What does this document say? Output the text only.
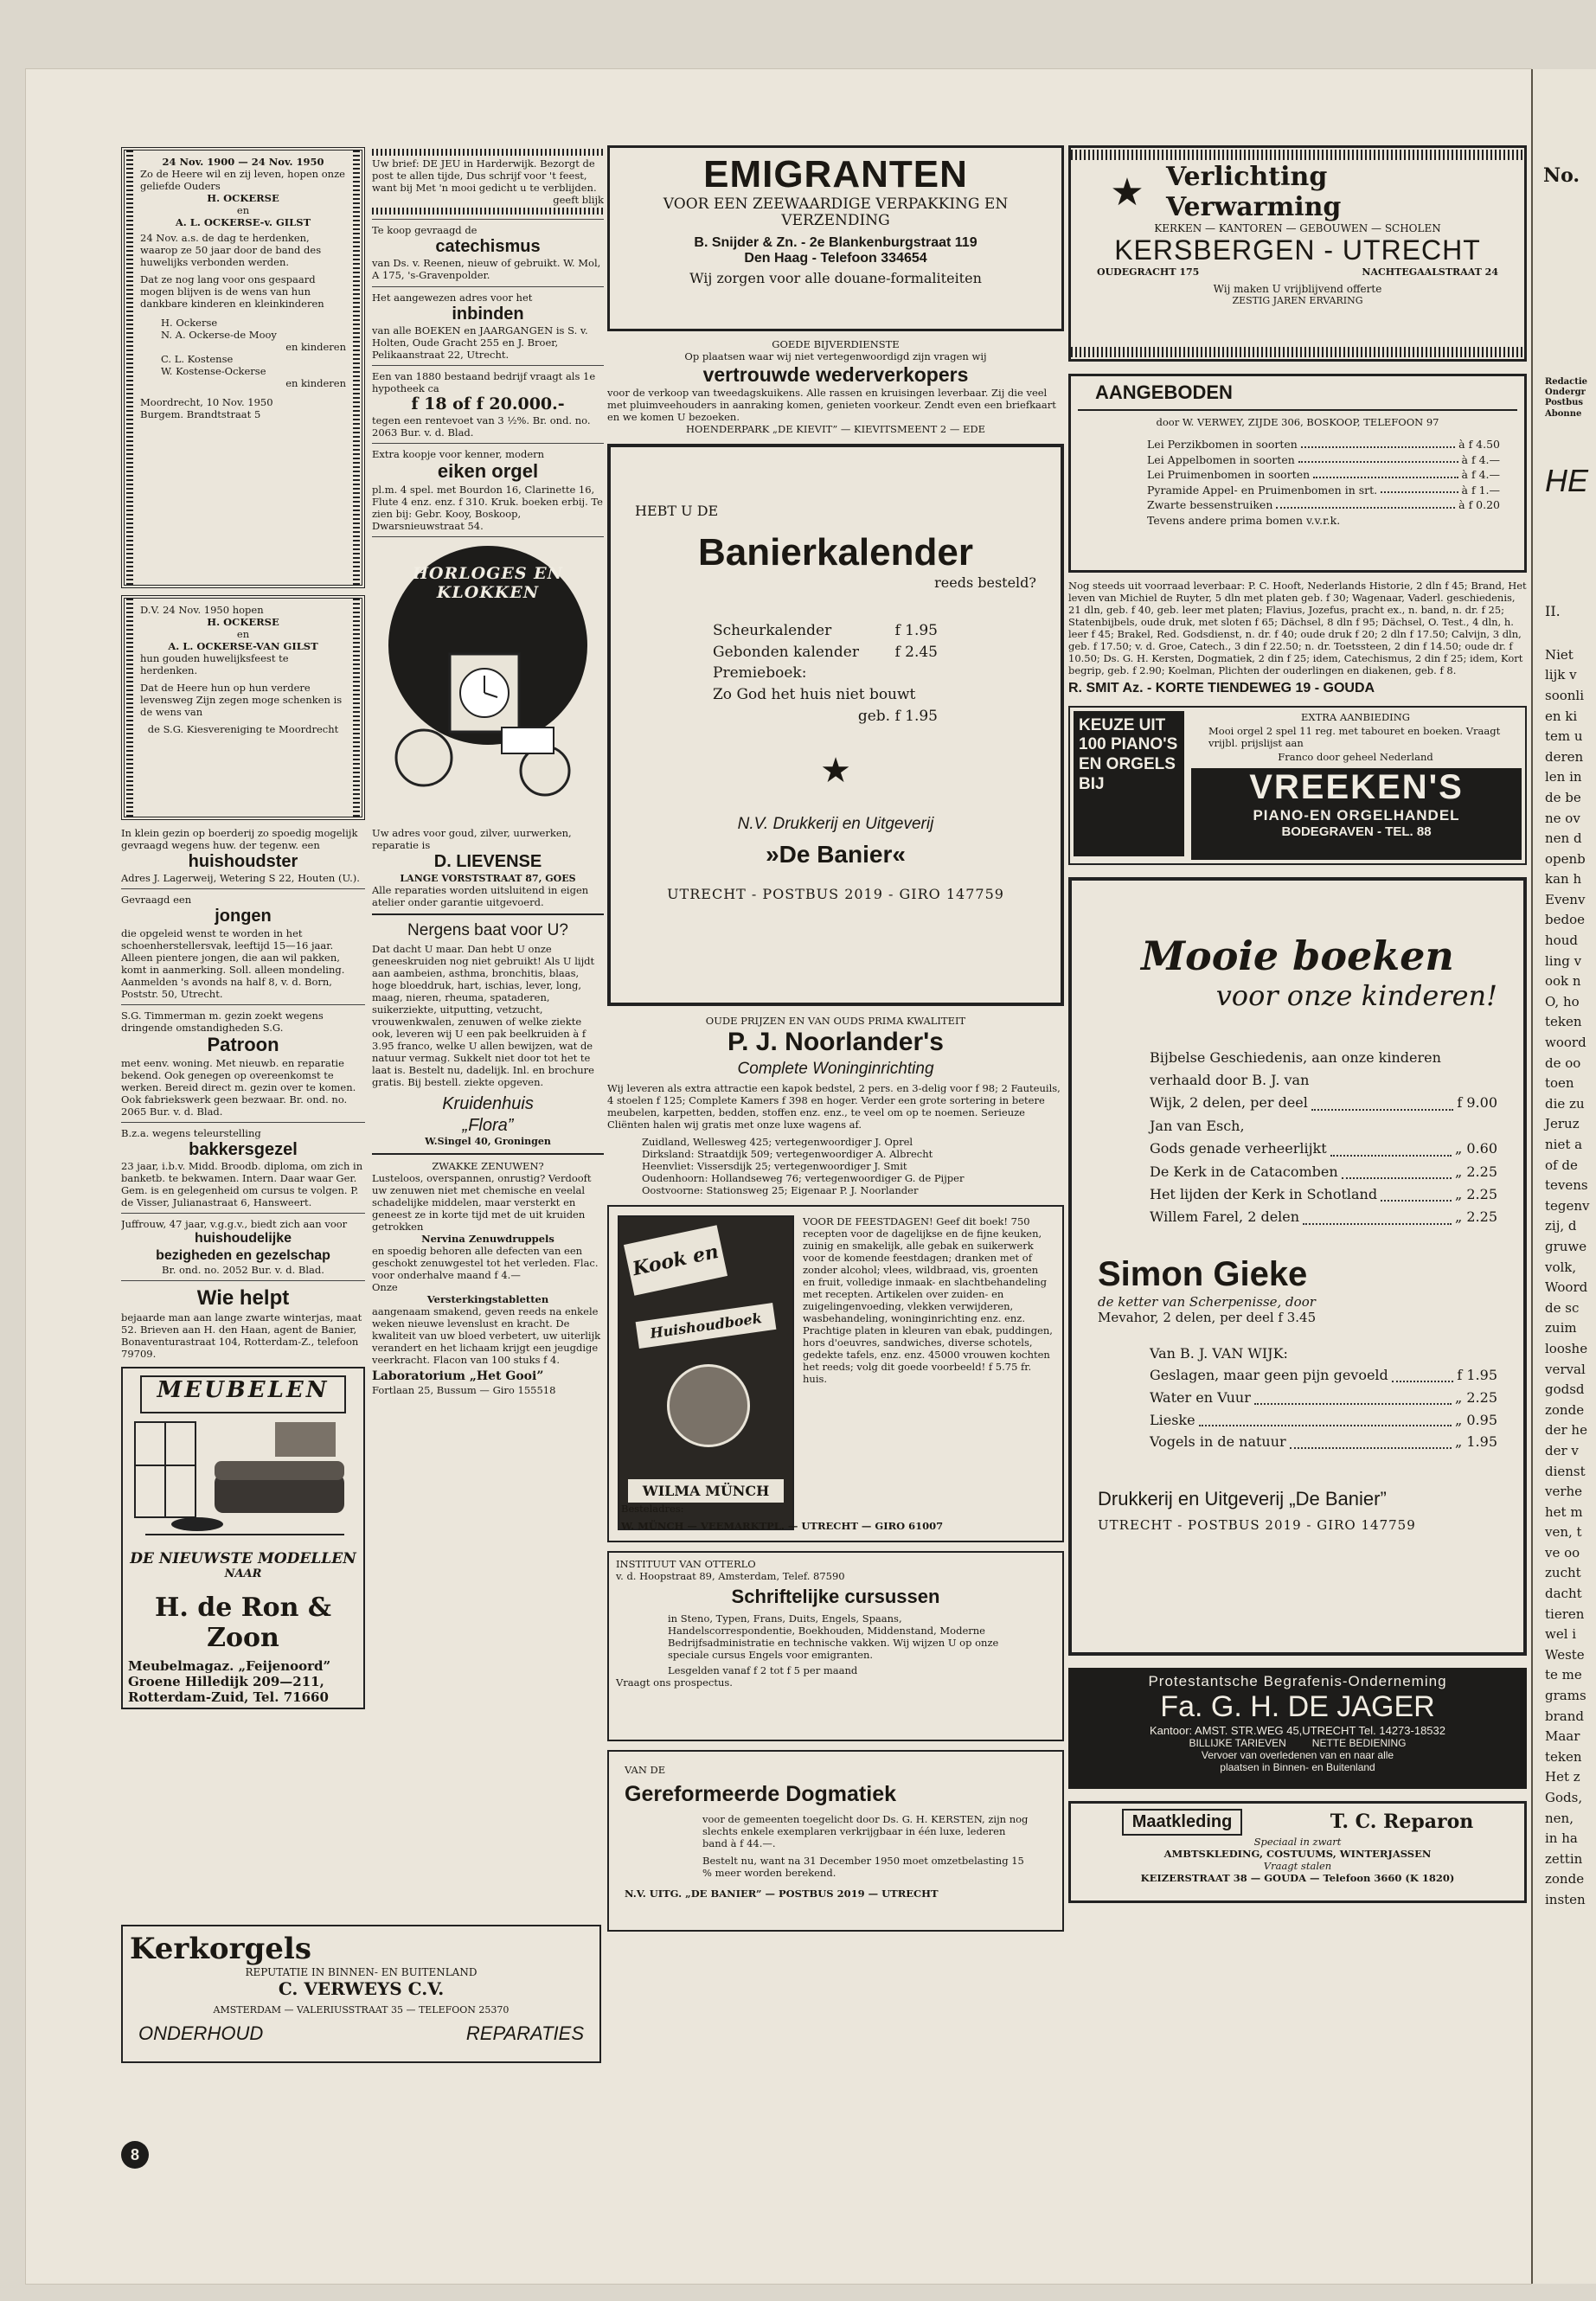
24 Nov. 1900 — 24 Nov. 1950
Zo de Heere wil en zij leven, hopen onze geliefde Ouders
H. OCKERSE
en
A. L. OCKERSE-v. GILST
24 Nov. a.s. de dag te herdenken, waarop ze 50 jaar door de band des huwelijks verbonden werden.
Dat ze nog lang voor ons gespaard mogen blijven is de wens van hun dankbare kinderen en kleinkinderen
H. Ockerse
N. A. Ockerse-de Mooy
en kinderen
C. L. Kostense
W. Kostense-Ockerse
en kinderen
Moordrecht, 10 Nov. 1950
Burgem. Brandtstraat 5
D.V. 24 Nov. 1950 hopen
H. OCKERSE
en
A. L. OCKERSE-VAN GILST
hun gouden huwelijksfeest te herdenken.
Dat de Heere hun op hun verdere levensweg Zijn zegen moge schenken is de wens van
de S.G. Kiesvereniging te Moordrecht
In klein gezin op boerderij zo spoedig mogelijk gevraagd wegens huw. der tegenw. een
huishoudster
Adres J. Lagerweij, Wetering S 22, Houten (U.).
Gevraagd een
jongen
die opgeleid wenst te worden in het schoenherstellersvak, leeftijd 15—16 jaar. Alleen pientere jongen, die aan wil pakken, komt in aanmerking. Soll. alleen mondeling. Aanmelden 's avonds na half 8, v. d. Born, Poststr. 50, Utrecht.
S.G. Timmerman m. gezin zoekt wegens dringende omstandigheden S.G.
Patroon
met eenv. woning. Met nieuwb. en reparatie bekend. Ook genegen op overeenkomst te werken. Bereid direct m. gezin over te komen. Ook fabriekswerk geen bezwaar. Br. ond. no. 2065 Bur. v. d. Blad.
B.z.a. wegens teleurstelling
bakkersgezel
23 jaar, i.b.v. Midd. Broodb. diploma, om zich in banketb. te bekwamen. Intern. Daar waar Ger. Gem. is en gelegenheid om cursus te volgen. P. de Visser, Julianastraat 6, Hansweert.
Juffrouw, 47 jaar, v.g.g.v., biedt zich aan voor
huishoudelijke
bezigheden en gezelschap
Br. ond. no. 2052 Bur. v. d. Blad.
Wie helpt
bejaarde man aan lange zwarte winterjas, maat 52. Brieven aan H. den Haan, agent de Banier, Bonaventurastraat 104, Rotterdam-Z., telefoon 79709.
MEUBELEN
DE NIEUWSTE MODELLEN
NAAR
H. de Ron & Zoon
Meubelmagaz. „Feijenoord”
Groene Hilledijk 209—211,
Rotterdam-Zuid, Tel. 71660
Uw brief: DE JEU in Harderwijk. Bezorgt de post te allen tijde, Dus schrijf voor 't feest, want bij Met 'n mooi gedicht u te verblijden.
geeft blijk
Te koop gevraagd de
catechismus
van Ds. v. Reenen, nieuw of gebruikt. W. Mol, A 175, 's-Gravenpolder.
Het aangewezen adres voor het
inbinden
van alle BOEKEN en JAARGANGEN is S. v. Holten, Oude Gracht 255 en J. Broer, Pelikaanstraat 22, Utrecht.
Een van 1880 bestaand bedrijf vraagt als 1e hypotheek ca
f 18 of f 20.000.-
tegen een rentevoet van 3 ½%. Br. ond. no. 2063 Bur. v. d. Blad.
Extra koopje voor kenner, modern
eiken orgel
pl.m. 4 spel. met Bourdon 16, Clarinette 16, Flute 4 enz. enz. f 310. Kruk. boeken erbij. Te zien bij: Gebr. Kooy, Boskoop, Dwarsnieuwstraat 54.
HORLOGES EN KLOKKEN
Uw adres voor goud, zilver, uurwerken, reparatie is
D. LIEVENSE
LANGE VORSTSTRAAT 87, GOES
Alle reparaties worden uitsluitend in eigen atelier onder garantie uitgevoerd.
Nergens baat voor U?
Dat dacht U maar. Dan hebt U onze geneeskruiden nog niet gebruikt! Als U lijdt aan aambeien, asthma, bronchitis, blaas, hoge bloeddruk, hart, ischias, lever, long, maag, nieren, rheuma, spataderen, suikerziekte, uitputting, vetzucht, vrouwenkwalen, zenuwen of welke ziekte ook, leveren wij U een pak beelkruiden à f 3.95 franco, welke U allen bewijzen, wat de natuur vermag. Sukkelt niet door tot het te laat is. Bestelt nu, dadelijk. Inl. en brochure gratis. Bij bestell. ziekte opgeven.
Kruidenhuis
„Flora”
W.Singel 40, Groningen
ZWAKKE ZENUWEN?
Lusteloos, overspannen, onrustig? Verdooft uw zenuwen niet met chemische en veelal schadelijke middelen, maar versterkt en geneest ze in korte tijd met de uit kruiden getrokken
Nervina Zenuwdruppels
en spoedig behoren alle defecten van een geschokt zenuwgestel tot het verleden. Flac. voor onderhalve maand f 4.—
Onze
Versterkingstabletten
aangenaam smakend, geven reeds na enkele weken nieuwe levenslust en kracht. De kwaliteit van uw bloed verbetert, uw uiterlijk verandert en het lichaam krijgt een jeugdige veerkracht. Flacon van 100 stuks f 4.
Laboratorium „Het Gooi”
Fortlaan 25, Bussum — Giro 155518
Kerkorgels
REPUTATIE IN BINNEN- EN BUITENLAND
C. VERWEYS C.V.
AMSTERDAM — VALERIUSSTRAAT 35 — TELEFOON 25370
ONDERHOUD	REPARATIES
8
EMIGRANTEN
VOOR EEN ZEEWAARDIGE VERPAKKING EN VERZENDING
B. Snijder & Zn. - 2e Blankenburgstraat 119
Den Haag - Telefoon 334654
Wij zorgen voor alle douane-formaliteiten
GOEDE BIJVERDIENSTE
Op plaatsen waar wij niet vertegenwoordigd zijn vragen wij
vertrouwde wederverkopers
voor de verkoop van tweedagskuikens. Alle rassen en kruisingen leverbaar. Zij die veel met pluimveehouders in aanraking komen, genieten voorkeur. Zendt even een briefkaart en we komen U bezoeken.
HOENDERPARK „DE KIEVIT” — KIEVITSMEENT 2 — EDE
HEBT U DE
Banierkalender
reeds besteld?
Scheurkalender	f 1.95
Gebonden kalender f 2.45
Premieboek:
Zo God het huis niet bouwt
geb. f 1.95
★
N.V. Drukkerij en Uitgeverij
»De Banier«
UTRECHT - POSTBUS 2019 - GIRO 147759
OUDE PRIJZEN EN VAN OUDS PRIMA KWALITEIT
P. J. Noorlander's
Complete Woninginrichting
Wij leveren als extra attractie een kapok bedstel, 2 pers. en 3-delig voor f 98; 2 Fauteuils, 4 stoelen f 125; Complete Kamers f 398 en hoger. Verder een grote sortering in betere meubelen, karpetten, bedden, stoffen enz. enz., te veel om op te noemen. Serieuze Cliënten halen wij gratis met onze luxe wagens af.
Zuidland, Wellesweg 425; vertegenwoordiger J. Oprel
Dirksland: Straatdijk 509; vertegenwoordiger A. Albrecht
Heenvliet: Vissersdijk 25; vertegenwoordiger J. Smit
Oudenhoorn: Hollandseweg 76; vertegenwoordiger G. de Pijper
Oostvoorne: Stationsweg 25; Eigenaar P. J. Noorlander
Kook en
Huishoudboek
WILMA MÜNCH
VOOR DE FEESTDAGEN! Geef dit boek! 750 recepten voor de dagelijkse en de fijne keuken, zuinig en smakelijk, alle gebak en suikerwerk voor de komende feestdagen; dranken met of zonder alcohol; vlees, wildbraad, vis, groenten en fruit, volledige inmaak- en slachtbehandeling met recepten. Artikelen over zuiden- en zuigelingenvoeding, vlekken verwijderen, wasbehandeling, woninginrichting enz. enz. Prachtige platen in kleuren van ebak, puddingen, hors d'oeuvres, sandwiches, diverse schotels, gedekte tafels, enz. enz. 45000 vrouwen kochten het reeds; volg dit goede voorbeeld! f 5.75 fr. huis.
Besteladres:
W. MÜNCH — VEEMARKTPL. — UTRECHT — GIRO 61007
INSTITUUT VAN OTTERLO
v. d. Hoopstraat 89, Amsterdam, Telef. 87590
Schriftelijke cursussen
in Steno, Typen, Frans, Duits, Engels, Spaans, Handelscorrespondentie, Boekhouden, Middenstand, Moderne Bedrijfsadministratie en technische vakken. Wij wijzen U op onze speciale cursus Engels voor emigranten.
Lesgelden vanaf f 2 tot f 5 per maand
Vraagt ons prospectus.
VAN DE
Gereformeerde Dogmatiek
voor de gemeenten toegelicht door Ds. G. H. KERSTEN, zijn nog slechts enkele exemplaren verkrijgbaar in één luxe, lederen band à f 44.—.
Bestelt nu, want na 31 December 1950 moet omzetbelasting 15 % meer worden berekend.
N.V. UITG. „DE BANIER” — POSTBUS 2019 — UTRECHT
★ Verlichting
Verwarming
KERKEN — KANTOREN — GEBOUWEN — SCHOLEN
KERSBERGEN - UTRECHT
OUDEGRACHT 175	NACHTEGAALSTRAAT 24
Wij maken U vrijblijvend offerte
ZESTIG JAREN ERVARING
AANGEBODEN
door W. VERWEY, ZIJDE 306, BOSKOOP, TELEFOON 97
Lei Perzikbomen in soorten	à f 4.50
Lei Appelbomen in soorten	à f 4.—
Lei Pruimenbomen in soorten	à f 4.—
Pyramide Appel- en Pruimenbomen in srt.	à f 1.—
Zwarte bessenstruiken	à f 0.20
Tevens andere prima bomen v.v.r.k.
Nog steeds uit voorraad leverbaar: P. C. Hooft, Nederlands Historie, 2 dln f 45; Brand, Het leven van Michiel de Ruyter, 5 dln met platen geb. f 30; Wagenaar, Vaderl. geschiedenis, 21 dln, geb. f 40, geb. leer met platen; Flavius, Jozefus, pracht ex., n. band, n. dr. f 25; Statenbijbels, oude druk, met sloten f 65; Dächsel, 8 dln f 95; Dächsel, O. Test., 4 dln, h. leer f 45; Brakel, Red. Godsdienst, n. dr. f 40; oude druk f 20; 2 dln f 17.50; Calvijn, 3 dln, geb. f 17.50; v. d. Groe, Catech., 3 din f 22.50; n. dr. Toetssteen, 2 din f 14.50; oude dr. f 10.50; Ds. G. H. Kersten, Dogmatiek, 2 din f 25; idem, Catechismus, 2 din f 25; idem, Kort begrip, geb. f 2.90; Koelman, Plichten der ouderlingen en diakenen, geb. f 8.
R. SMIT Az. - KORTE TIENDEWEG 19 - GOUDA
KEUZE UIT 100 PIANO'S EN ORGELS BIJ
EXTRA AANBIEDING
Mooi orgel 2 spel 11 reg. met tabouret en boeken. Vraagt vrijbl. prijslijst aan
Franco door geheel Nederland
VREEKEN'S
PIANO-EN ORGELHANDEL
BODEGRAVEN - TEL. 88
Mooie boeken
voor onze kinderen!
Bijbelse Geschiedenis, aan onze kinderen verhaald door B. J. van
Wijk, 2 delen, per deel	f 9.00
Jan van Esch,
Gods genade verheerlijkt	„ 0.60
De Kerk in de Catacomben	„ 2.25
Het lijden der Kerk in Schotland	„ 2.25
Willem Farel, 2 delen	„ 2.25
Simon Gieke
de ketter van Scherpenisse, door
Mevahor, 2 delen, per deel f 3.45
Van B. J. VAN WIJK:
Geslagen, maar geen pijn gevoeld	f 1.95
Water en Vuur	„ 2.25
Lieske	„ 0.95
Vogels in de natuur	„ 1.95
Drukkerij en Uitgeverij „De Banier”
UTRECHT - POSTBUS 2019 - GIRO 147759
Protestantsche Begrafenis-Onderneming
Fa. G. H. DE JAGER
Kantoor: AMST. STR.WEG 45,UTRECHT Tel. 14273-18532
BILLIJKE TARIEVEN	NETTE BEDIENING
Vervoer van overledenen van en naar alle
plaatsen in Binnen- en Buitenland
Maatkleding	T. C. Reparon
Speciaal in zwart
AMBTSKLEDING, COSTUUMS, WINTERJASSEN
Vraagt stalen
KEIZERSTRAAT 38 — GOUDA — Telefoon 3660 (K 1820)
No.
Redactie
Ondergr
Postbus
Abonne
HE
II.
Niet
lijk v
soonli
en ki
tem u
deren
len in
de be
ne ov
nen d
openb
kan h
Evenv
bedoe
houd
ling v
ook n
O, ho
teken
woord
de oo
toen
die zu
Jeruz
niet a
of de
tevens
tegenv
zij, d
gruwe
volk,
Woord
de sc
zuim
looshe
verval
godsd
zonde
der he
der v
dienst
verhe
het m
ven, t
ve oo
zucht
dacht
tieren
wel i
Weste
te me
grams
brand
Maar
teken
Het z
Gods,
nen,
in ha
zettin
zonde
insten
